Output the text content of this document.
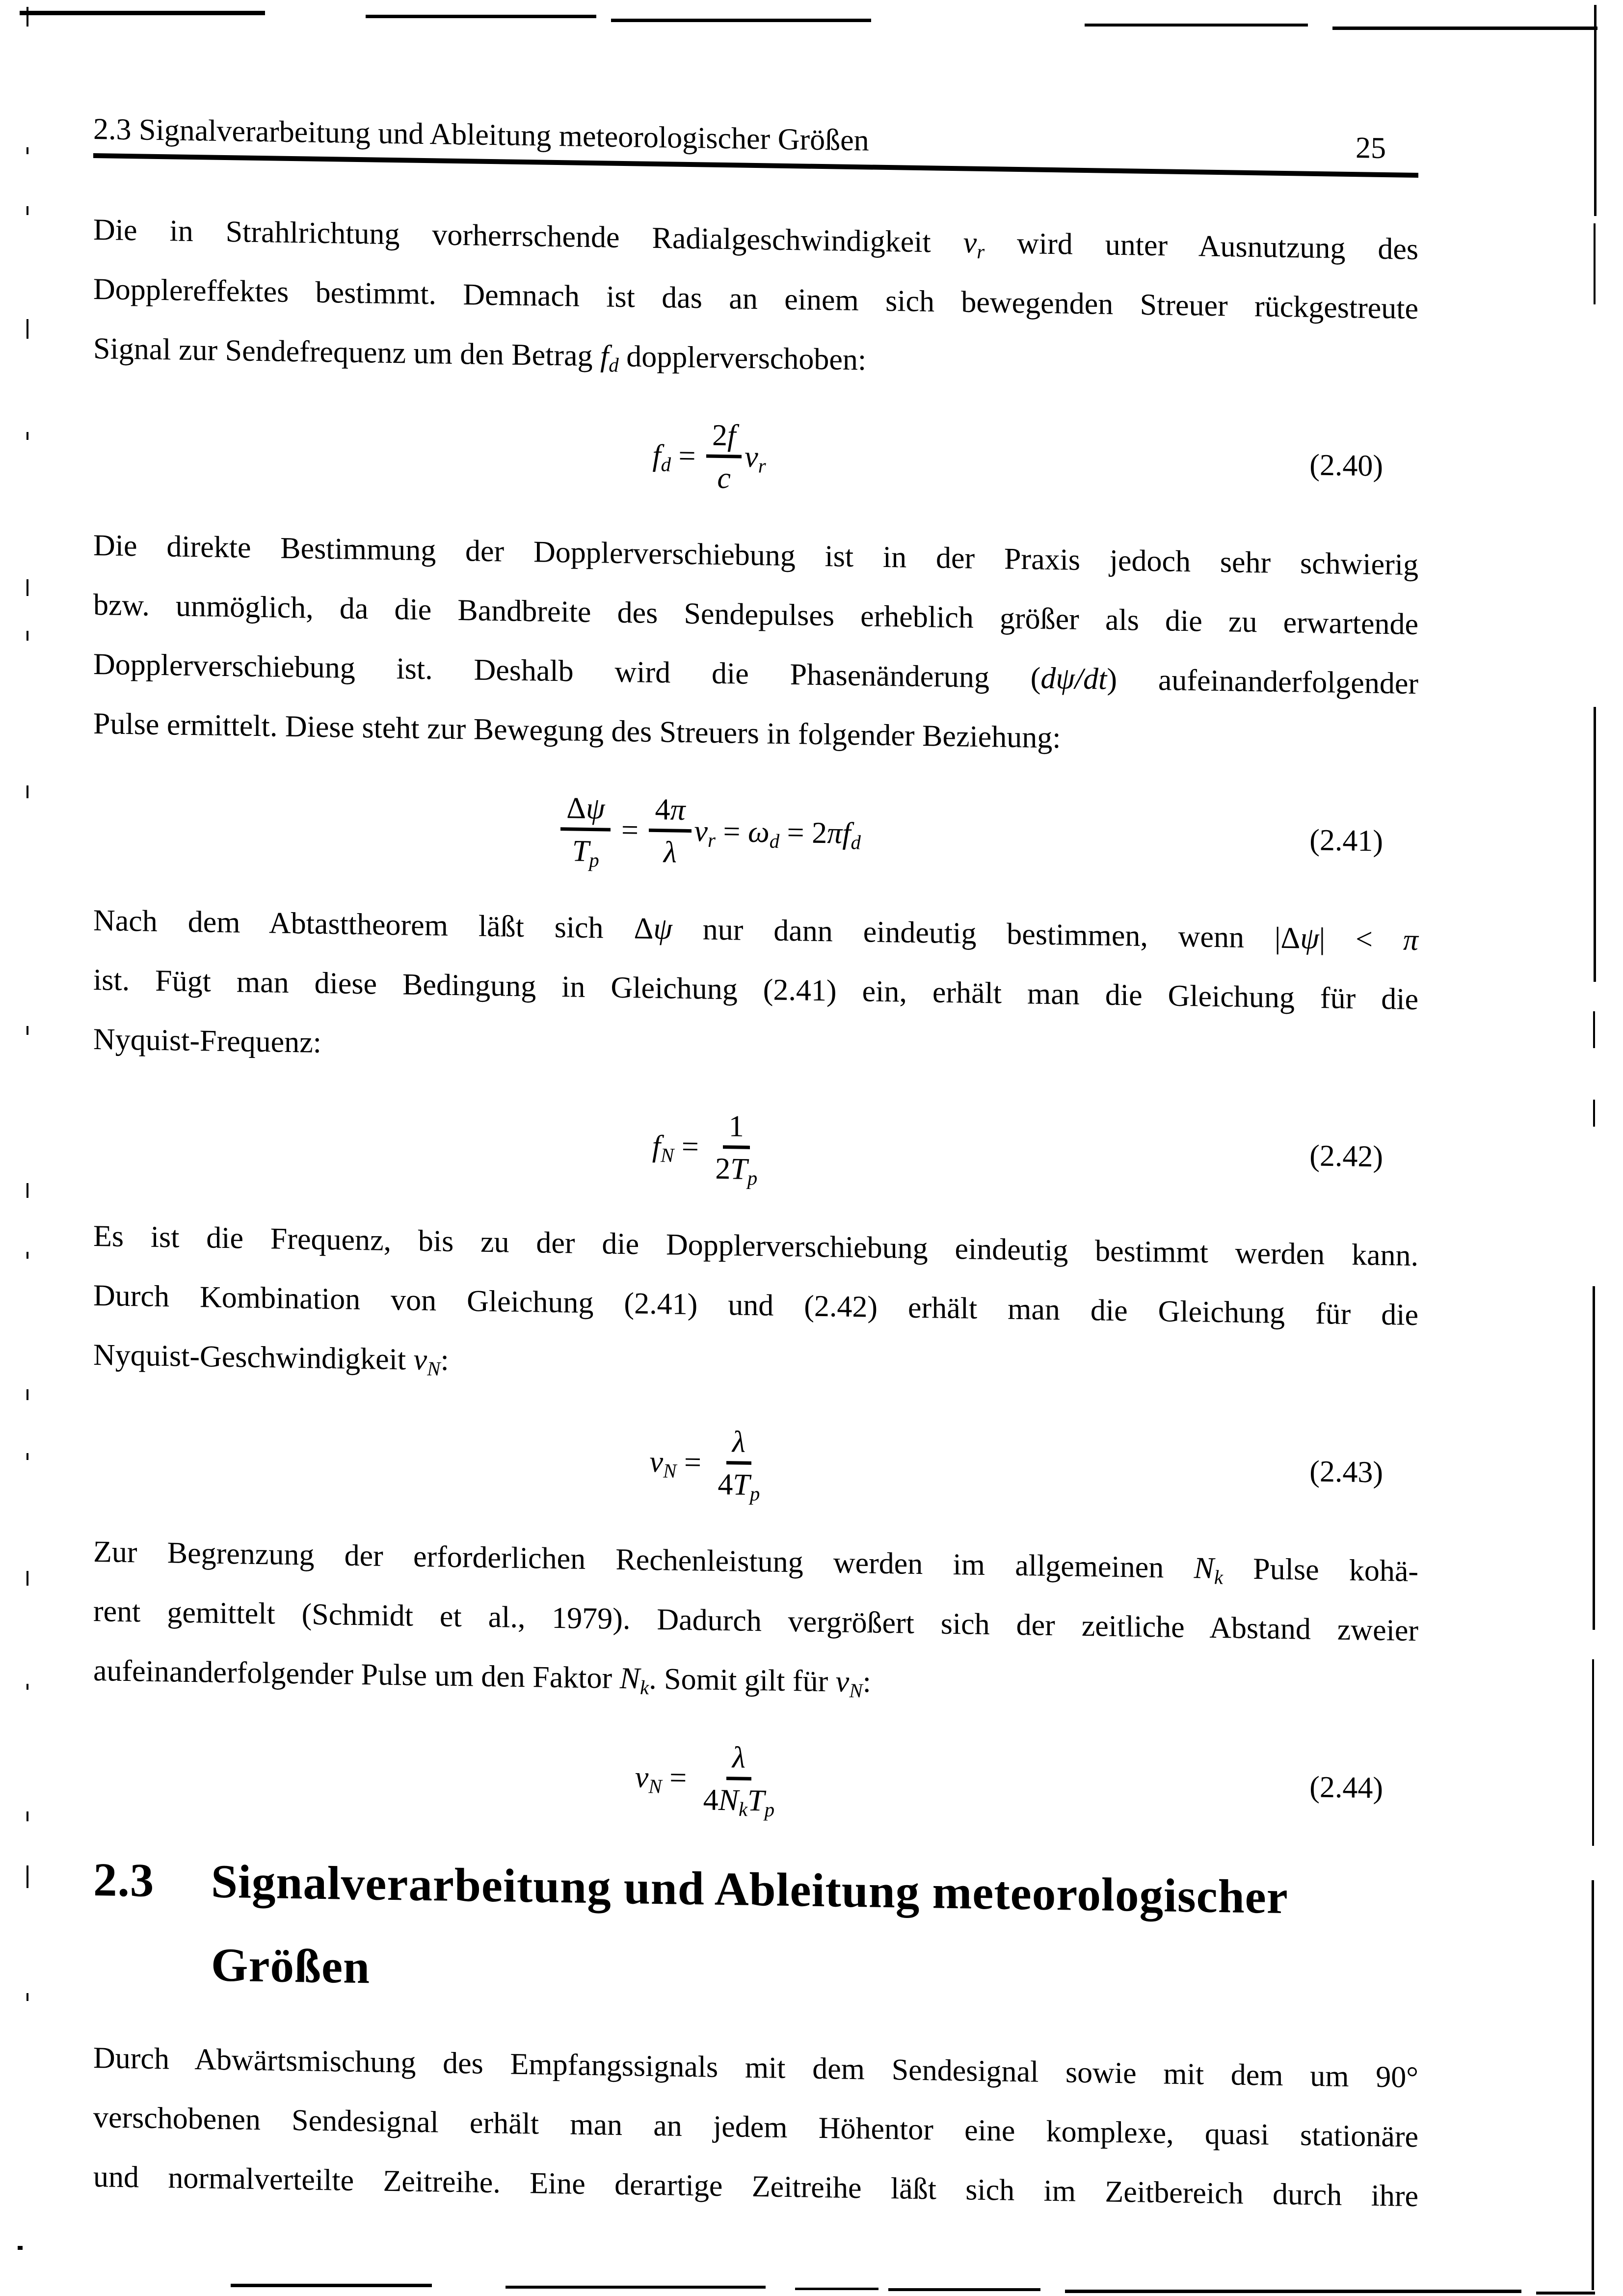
2.3 Signalverarbeitung und Ableitung meteorologischer Größen	25
Die in Strahlrichtung vorherrschende Radialgeschwindigkeit $v_r$ wird unter Ausnutzung des
Dopplereffektes bestimmt. Demnach ist das an einem sich bewegenden Streuer rückgestreute
Signal zur Sendefrequenz um den Betrag $f_d$ dopplerverschoben:
$f_d = \frac{2 f}{c} v_r$	(2.40)
Die direkte Bestimmung der Dopplerverschiebung ist in der Praxis jedoch sehr schwierig
bzw. unmöglich, da die Bandbreite des Sendepulses erheblich größer als die zu erwartende
Dopplerverschiebung ist. Deshalb wird die Phasenänderung (dψ/dt) aufeinanderfolgender
Pulse ermittelt. Diese steht zur Bewegung des Streuers in folgender Beziehung:
$\frac{\text{Δ ψ}}{T_p} = \frac{4 \pi}{\lambda} v_r = \omega_d = 2$ π $f_d$	(2.41)
Nach dem Abtasttheorem läßt sich Δψ nur dann eindeutig bestimmen, wenn |Δψ| < π
ist. Fügt man diese Bedingung in Gleichung (2.41) ein, erhält man die Gleichung für die
Nyquist-Frequenz:
$f_N = \frac{1}{2 T_p}$	(2.42)
Es ist die Frequenz, bis zu der die Dopplerverschiebung eindeutig bestimmt werden kann.
Durch Kombination von Gleichung (2.41) und (2.42) erhält man die Gleichung für die
Nyquist-Geschwindigkeit $v_N$:
$v_N = \frac{\lambda}{4 T_p}$	(2.43)
Zur Begrenzung der erforderlichen Rechenleistung werden im allgemeinen $N_k$ Pulse kohä-
rent gemittelt (Schmidt et al., 1979). Dadurch vergrößert sich der zeitliche Abstand zweier
aufeinanderfolgender Pulse um den Faktor $N_k$. Somit gilt für $v_N$:
$v_N = \frac{\lambda}{4 N_k T_p}$	(2.44)
2.3	Signalverarbeitung und Ableitung meteorologischer
Größen
Durch Abwärtsmischung des Empfangssignals mit dem Sendesignal sowie mit dem um 90°
verschobenen Sendesignal erhält man an jedem Höhentor eine komplexe, quasi stationäre
und normalverteilte Zeitreihe. Eine derartige Zeitreihe läßt sich im Zeitbereich durch ihre
